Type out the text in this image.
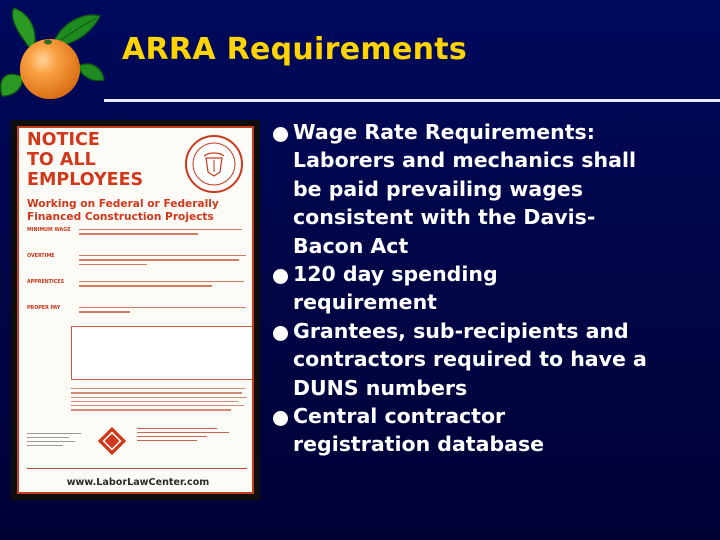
ARRA Requirements
NOTICE
TO ALL
EMPLOYEES
Working on Federal or Federally
Financed Construction Projects
MINIMUM WAGE
OVERTIME
APPRENTICES
PROPER PAY
www.LaborLawCenter.com
Wage Rate Requirements:
Laborers and mechanics shall
be paid prevailing wages
consistent with the Davis-
Bacon Act
120 day spending
requirement
Grantees, sub-recipients and
contractors required to have a
DUNS numbers
Central contractor
registration database
